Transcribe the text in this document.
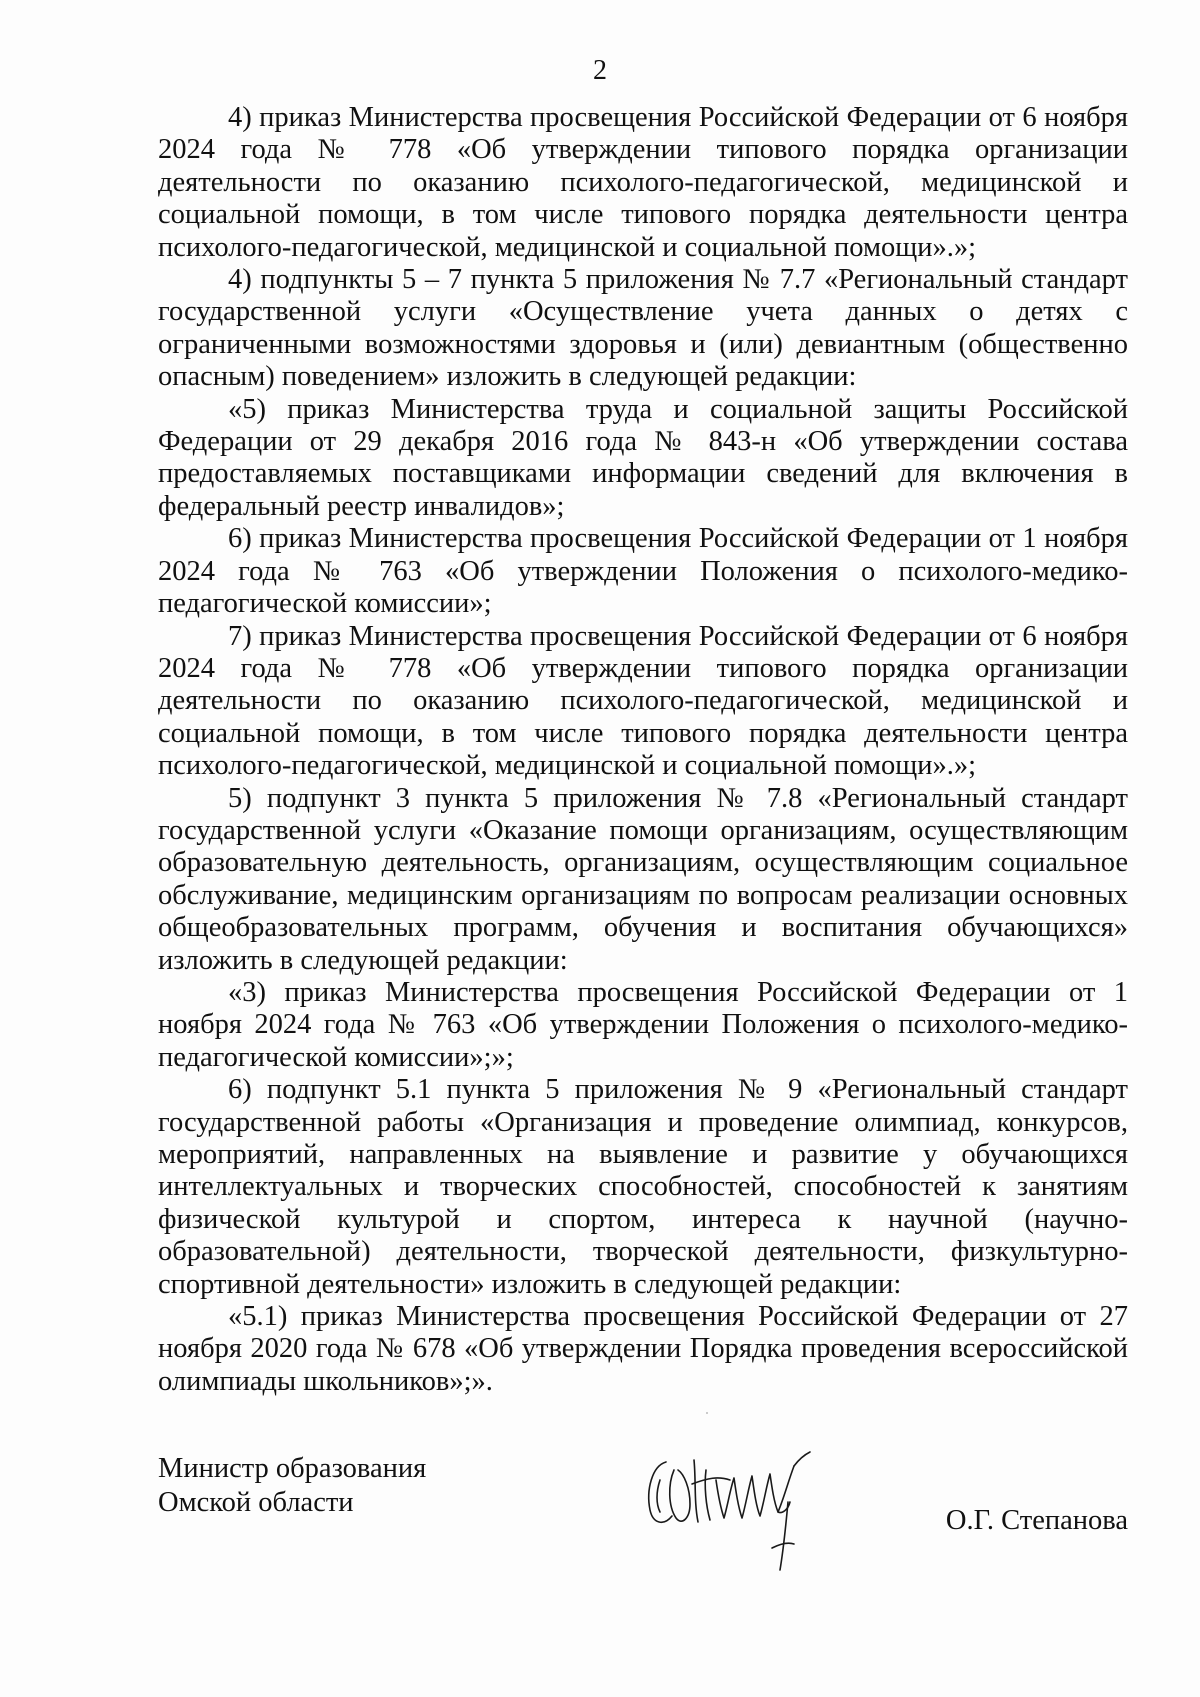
2

4) приказ Министерства просвещения Российской Федерации от 6 ноября 2024 года № 778 «Об утверждении типового порядка организации деятельности по оказанию психолого-педагогической, медицинской и социальной помощи, в том числе типового порядка деятельности центра психолого-педагогической, медицинской и социальной помощи».»;

4) подпункты 5 – 7 пункта 5 приложения № 7.7 «Региональный стандарт государственной услуги «Осуществление учета данных о детях с ограниченными возможностями здоровья и (или) девиантным (общественно опасным) поведением» изложить в следующей редакции:

«5) приказ Министерства труда и социальной защиты Российской Федерации от 29 декабря 2016 года № 843-н «Об утверждении состава предоставляемых поставщиками информации сведений для включения в федеральный реестр инвалидов»;

6) приказ Министерства просвещения Российской Федерации от 1 ноября 2024 года № 763 «Об утверждении Положения о психолого-медико-педагогической комиссии»;

7) приказ Министерства просвещения Российской Федерации от 6 ноября 2024 года № 778 «Об утверждении типового порядка организации деятельности по оказанию психолого-педагогической, медицинской и социальной помощи, в том числе типового порядка деятельности центра психолого-педагогической, медицинской и социальной помощи».»;

5) подпункт 3 пункта 5 приложения № 7.8 «Региональный стандарт государственной услуги «Оказание помощи организациям, осуществляющим образовательную деятельность, организациям, осуществляющим социальное обслуживание, медицинским организациям по вопросам реализации основных общеобразовательных программ, обучения и воспитания обучающихся» изложить в следующей редакции:

«3) приказ Министерства просвещения Российской Федерации от 1 ноября 2024 года № 763 «Об утверждении Положения о психолого-медико-педагогической комиссии»;»;

6) подпункт 5.1 пункта 5 приложения № 9 «Региональный стандарт государственной работы «Организация и проведение олимпиад, конкурсов, мероприятий, направленных на выявление и развитие у обучающихся интеллектуальных и творческих способностей, способностей к занятиям физической культурой и спортом, интереса к научной (научно-образовательной) деятельности, творческой деятельности, физкультурно-спортивной деятельности» изложить в следующей редакции:

«5.1) приказ Министерства просвещения Российской Федерации от 27 ноября 2020 года № 678 «Об утверждении Порядка проведения всероссийской олимпиады школьников»;».

Министр образования
Омской области
О.Г. Степанова
